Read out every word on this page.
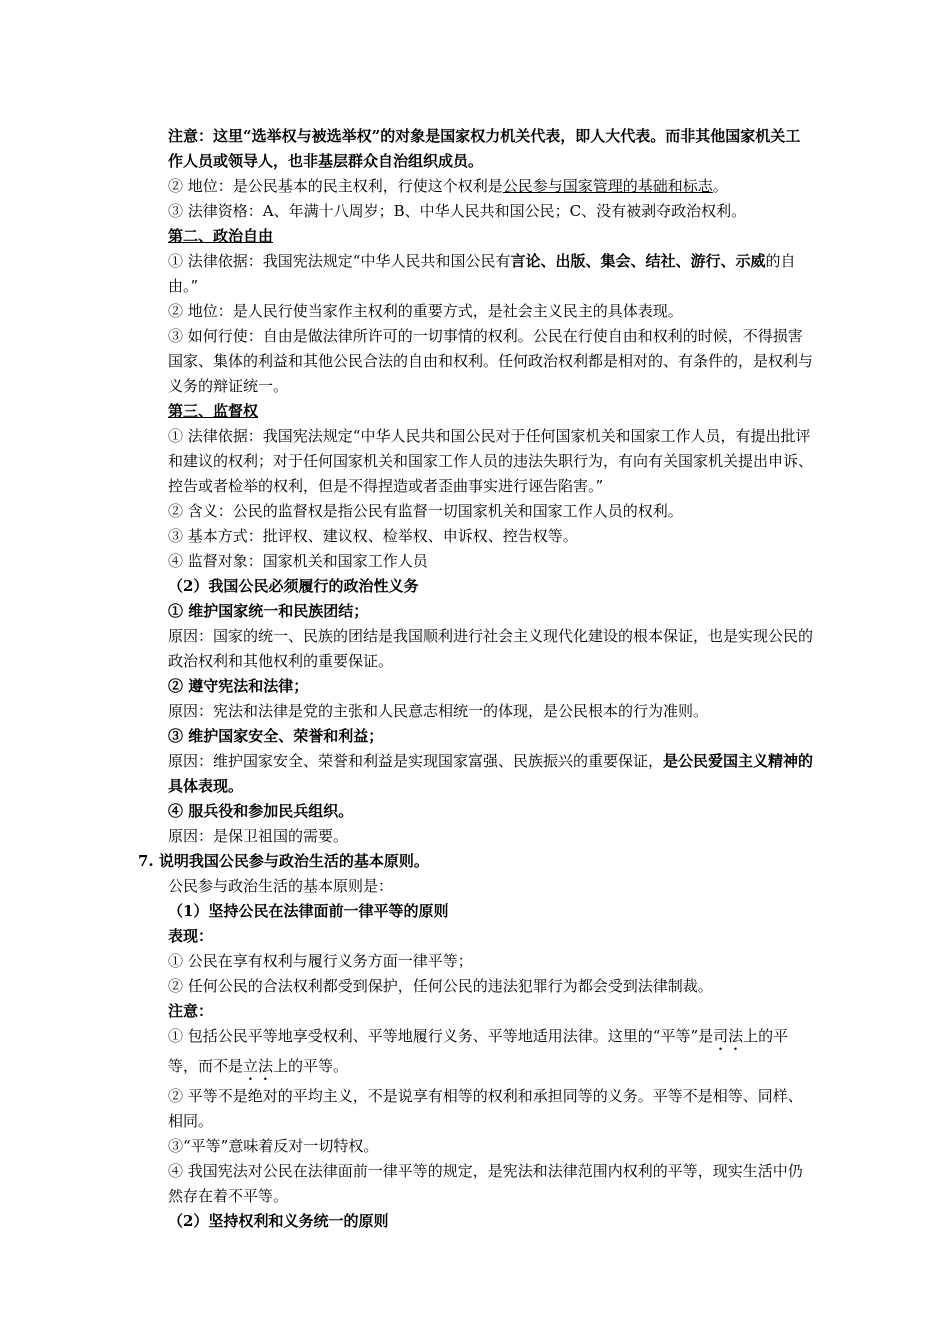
注意：这里“选举权与被选举权”的对象是国家权力机关代表，即人大代表。而非其他国家机关工作人员或领导人，也非基层群众自治组织成员。

② 地位：是公民基本的民主权利，行使这个权利是公民参与国家管理的基础和标志。

③ 法律资格：A、年满十八周岁；B、中华人民共和国公民；C、没有被剥夺政治权利。

第二、政治自由

① 法律依据：我国宪法规定“中华人民共和国公民有言论、出版、集会、结社、游行、示威的自由。”

② 地位：是人民行使当家作主权利的重要方式，是社会主义民主的具体表现。

③ 如何行使：自由是做法律所许可的一切事情的权利。公民在行使自由和权利的时候，不得损害国家、集体的利益和其他公民合法的自由和权利。任何政治权利都是相对的、有条件的，是权利与义务的辩证统一。

第三、监督权

① 法律依据：我国宪法规定“中华人民共和国公民对于任何国家机关和国家工作人员，有提出批评和建议的权利；对于任何国家机关和国家工作人员的违法失职行为，有向有关国家机关提出申诉、控告或者检举的权利，但是不得捏造或者歪曲事实进行诬告陷害。”

② 含义：公民的监督权是指公民有监督一切国家机关和国家工作人员的权利。

③ 基本方式：批评权、建议权、检举权、申诉权、控告权等。

④ 监督对象：国家机关和国家工作人员

（2）我国公民必须履行的政治性义务

① 维护国家统一和民族团结；

原因：国家的统一、民族的团结是我国顺利进行社会主义现代化建设的根本保证，也是实现公民的政治权利和其他权利的重要保证。

② 遵守宪法和法律；

原因：宪法和法律是党的主张和人民意志相统一的体现，是公民根本的行为准则。

③ 维护国家安全、荣誉和利益；

原因：维护国家安全、荣誉和利益是实现国家富强、民族振兴的重要保证，是公民爱国主义精神的具体表现。

④ 服兵役和参加民兵组织。

原因：是保卫祖国的需要。

7. 说明我国公民参与政治生活的基本原则。

公民参与政治生活的基本原则是：

（1）坚持公民在法律面前一律平等的原则

表现：

① 公民在享有权利与履行义务方面一律平等；

② 任何公民的合法权利都受到保护，任何公民的违法犯罪行为都会受到法律制裁。

注意：

① 包括公民平等地享受权利、平等地履行义务、平等地适用法律。这里的“平等”是司法上的平等，而不是立法上的平等。

② 平等不是绝对的平均主义，不是说享有相等的权利和承担同等的义务。平等不是相等、同样、相同。

③“平等”意味着反对一切特权。

④ 我国宪法对公民在法律面前一律平等的规定，是宪法和法律范围内权利的平等，现实生活中仍然存在着不平等。

（2）坚持权利和义务统一的原则
